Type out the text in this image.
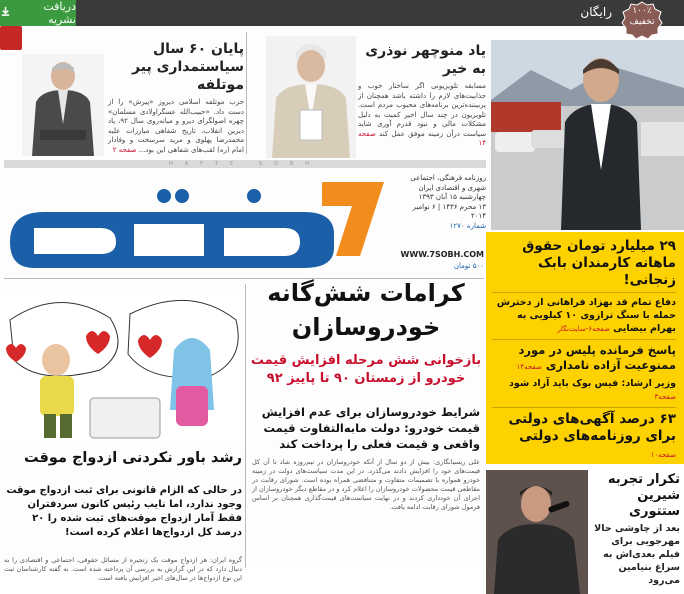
دریافت نشریه
رایگان	۱۰۰٪
تخفیف
پایان ۶۰ سال
سیاستمداری پیر موتلفه
حزب موتلفه اسلامی دیروز «پیرش» را از دست داد. «حبیب‌الله عسگراولادی مسلمان» چهره اصولگرای دیرو و میانه‌روی سال ۹۲، یاد دیرین انقلاب، تاریخ شفاهی مبارزات علیه محمدرضا پهلوی و مرید سرسخت و وفادار امام (ره) لقب‌های شفاهی این بود... صفحه ۲
یاد منوچهر نوذری
به خیر
مسابقه تلویزیونی اگر ساختار خوب و جذابیت‌های لازم را داشته باشد همچنان از پربیننده‌ترین برنامه‌های محبوب مردم است. تلویزیون در چند سال اخیر کمیت به دلیل مشکلات مالی و نبود قدرم آوری شاید سیاست درآن زمینه موفق عمل کند صفحه ۱۴
HAFTE SOBH
روزنامه فرهنگی، اجتماعی
شهری و اقتصادی ایران
چهارشنبه ۱۵ آبان ۱۳۹۳
۱۳ محرم ۱۴۳۶ | ۶ نوامبر ۲۰۱۴
شماره ۱۲۷۰
WWW.7SOBH.COM
۵۰۰ تومان
۲۹ میلیارد تومان حقوق ماهانه کارمندان بابک زنجانی!
دفاع تمام قد بهزاد فراهانی از دخترش حمله با سنگ ترازوی ۱۰ کیلویی به بهرام بیضایی صفحه۶-سایت‌نگار
پاسخ فرمانده پلیس در مورد ممنوعیت آزاده نامداری صفحه۱۴
وزیر ارشاد: فیس بوک باید آزاد شود صفحه۳
۶۳ درصد آگهی‌های دولتی برای روزنامه‌های دولتی صفحه۱۰
تکرار تجربه
شیرین
ستتوری
بعد از چاوشی حالا مهرجویی برای فیلم بعدی‌اش به سراغ بنیامین می‌رود
کرامات شش‌گانه
خودروسازان
بازخوانی شش مرحله افزایش قیمت
خودرو از زمستان ۹۰ تا پاییز ۹۲
شرایط خودروسازان برای عدم افزایش قیمت خودرو: دولت مابه‌التفاوت قیمت واقعی و قیمت فعلی را پرداخت کند
علی ریسیانگاری: بیش از دو سال از آنکه خودروسازان در نیم‌روزه شاد تا آن کل قیمت‌های خود را افزایش دادند می‌گذرد. در این مدت سیاست‌های دولت در زمینه خودرو همواره با تصمیمات متفاوت و متناقضی همراه بوده است. شورای رقابت در مقاطعی قیمت محصولات خودروسازان را اعلام کرد و در مقاطع دیگر خودروسازان از اجرای آن خودداری کردند و در نهایت سیاست‌های قیمت‌گذاری همچنان بر اساس فرمول شورای رقابت ادامه یافت.
رشد باور نکردنی ازدواج موقت
در حالی که الزام قانونی برای ثبت ازدواج موقت وجود ندارد، اما نایب رئیس کانون سردفتران فقط آمار ازدواج موقت‌های ثبت شده را ۲۰ درصد کل ازدواج‌ها اعلام کرده است!
گروه ایران: هر ازدواج موقت یک زنجیره از مسائل حقوقی، اجتماعی و اقتصادی را به دنبال دارد که در این گزارش به بررسی آن پرداخته شده است. به گفته کارشناسان ثبت این نوع ازدواج‌ها در سال‌های اخیر افزایش یافته است.
